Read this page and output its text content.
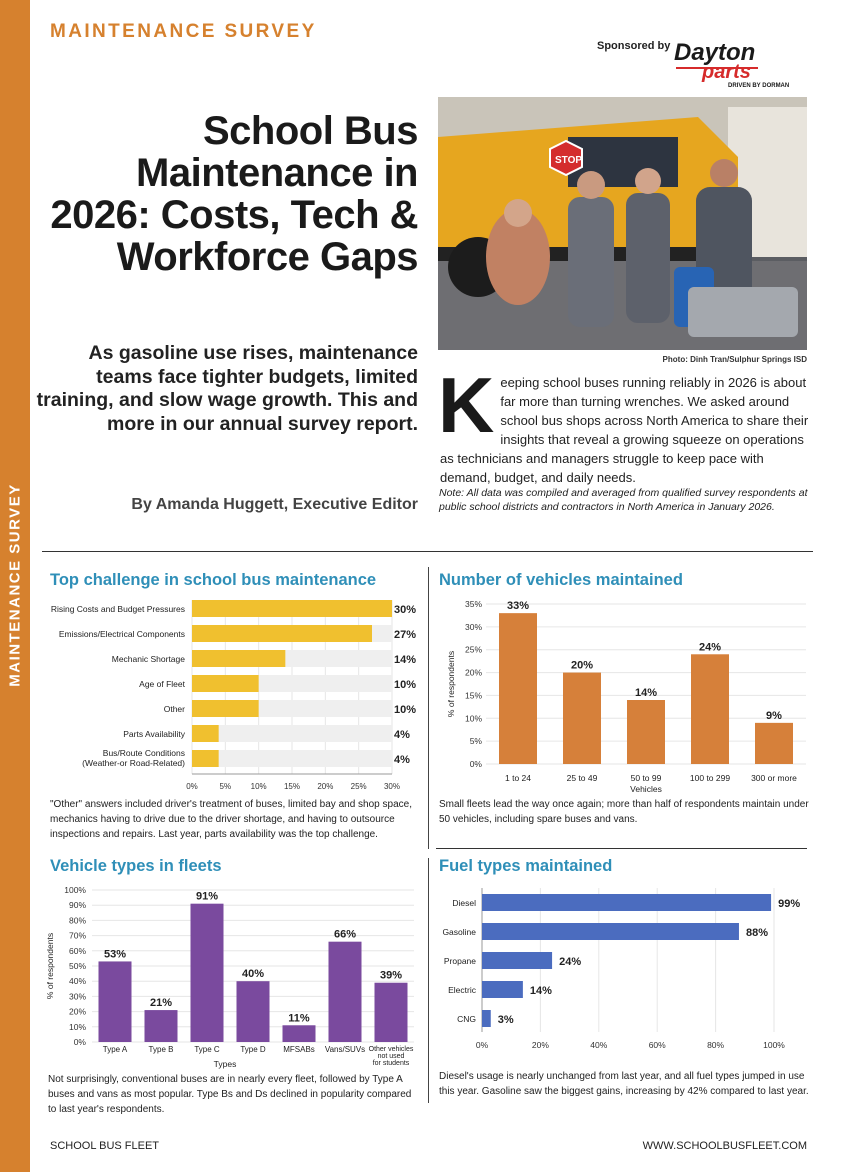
MAINTENANCE SURVEY
MAINTENANCE SURVEY
Sponsored by Dayton
parts
DRIVEN BY DORMAN
School Bus Maintenance in 2026: Costs, Tech & Workforce Gaps
As gasoline use rises, maintenance teams face tighter budgets, limited training, and slow wage growth. This and more in our annual survey report.
By Amanda Huggett, Executive Editor
STOP
Photo: Dinh Tran/Sulphur Springs ISD
K eeping school buses running reliably in 2026 is about far more than turning wrenches. We asked around school bus shops across North America to share their insights that reveal a growing squeeze on operations as technicians and managers struggle to keep pace with demand, budget, and daily needs.
Note: All data was compiled and averaged from qualified survey respondents at public school districts and contractors in North America in January 2026.
Top challenge in school bus maintenance
0%	5% 10% 15% 20% 25% 30%
Rising Costs and Budget Pressures	30%
Emissions/Electrical Components	27%
Mechanic Shortage	14%
Age of Fleet	10%
Other	10%
Parts Availability	4%
Bus/Route Conditions
(Weather-or Road-Related)	4%
"Other" answers included driver's treatment of buses, limited bay and shop space, mechanics having to drive due to the driver shortage, and having to outsource inspections and repairs. Last year, parts availability was the top challenge.
Number of vehicles maintained
0%
5%
10%
15%
20%
25%
30%
35% 33%
1 to 24
20%
25 to 49
14%
50 to 99
24%
100 to 299
9%
300 or more
Vehicles
% of respondents
Small fleets lead the way once again; more than half of respondents maintain under 50 vehicles, including spare buses and vans.
Vehicle types in fleets
0%
10%
20%
30%
40%
50%
60%
70%
80%
90%
100%
53%
Type A
21%
Type B
91%
Type C
40%
Type D
11%
MFSABs
66%
Vans/SUVs
39%
Other vehicles
not used
for students
Types
% of respondents
Not surprisingly, conventional buses are in nearly every fleet, followed by Type A buses and vans as most popular. Type Bs and Ds declined in popularity compared to last year's respondents.
Fuel types maintained
0%	20%	40%	60%	80%	100%
Diesel	99%
Gasoline	88%
Propane	24%
Electric	14%
CNG 3%
Diesel's usage is nearly unchanged from last year, and all fuel types jumped in use this year. Gasoline saw the biggest gains, increasing by 42% compared to last year.
SCHOOL BUS FLEET	WWW.SCHOOLBUSFLEET.COM
